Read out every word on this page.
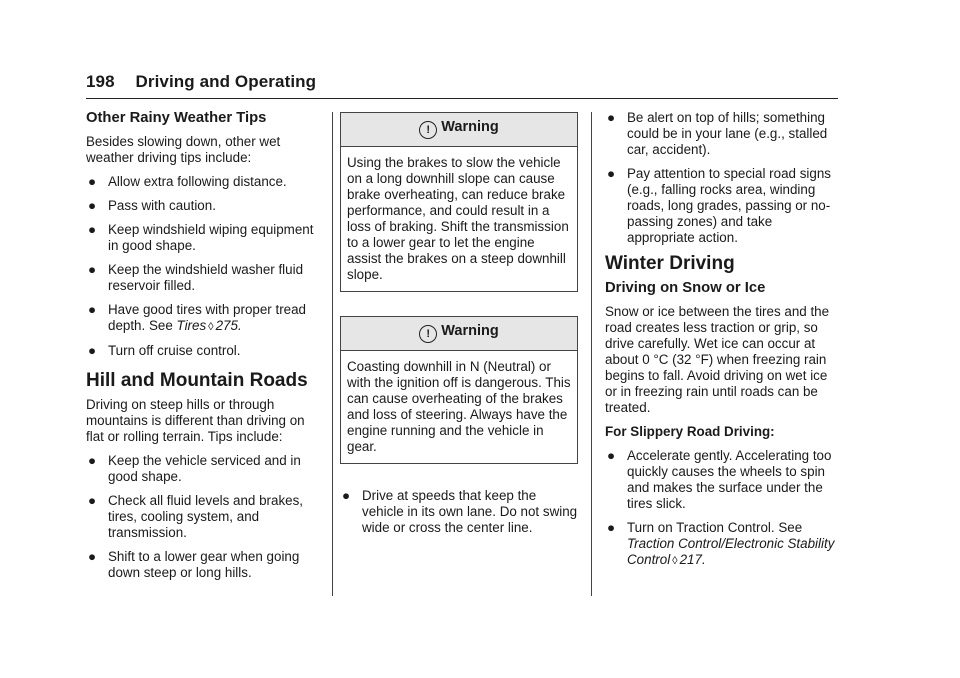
198 Driving and Operating
Other Rainy Weather Tips

Besides slowing down, other wet weather driving tips include:

● Allow extra following distance.
● Pass with caution.
● Keep windshield wiping equipment in good shape.
● Keep the windshield washer fluid reservoir filled.
● Have good tires with proper tread depth. See Tires ◊ 275.
● Turn off cruise control.
Hill and Mountain Roads

Driving on steep hills or through mountains is different than driving on flat or rolling terrain. Tips include:

● Keep the vehicle serviced and in good shape.
● Check all fluid levels and brakes, tires, cooling system, and transmission.
● Shift to a lower gear when going down steep or long hills.
! Warning
Using the brakes to slow the vehicle on a long downhill slope can cause brake overheating, can reduce brake performance, and could result in a loss of braking. Shift the transmission to a lower gear to let the engine assist the brakes on a steep downhill slope.
! Warning
Coasting downhill in N (Neutral) or with the ignition off is dangerous. This can cause overheating of the brakes and loss of steering. Always have the engine running and the vehicle in gear.
● Drive at speeds that keep the vehicle in its own lane. Do not swing wide or cross the center line.
● Be alert on top of hills; something could be in your lane (e.g., stalled car, accident).
● Pay attention to special road signs (e.g., falling rocks area, winding roads, long grades, passing or no-passing zones) and take appropriate action.
Winter Driving
Driving on Snow or Ice

Snow or ice between the tires and the road creates less traction or grip, so drive carefully. Wet ice can occur at about 0 °C (32 °F) when freezing rain begins to fall. Avoid driving on wet ice or in freezing rain until roads can be treated.

For Slippery Road Driving:

● Accelerate gently. Accelerating too quickly causes the wheels to spin and makes the surface under the tires slick.
● Turn on Traction Control. See
Traction Control/Electronic Stability Control ◊ 217.
